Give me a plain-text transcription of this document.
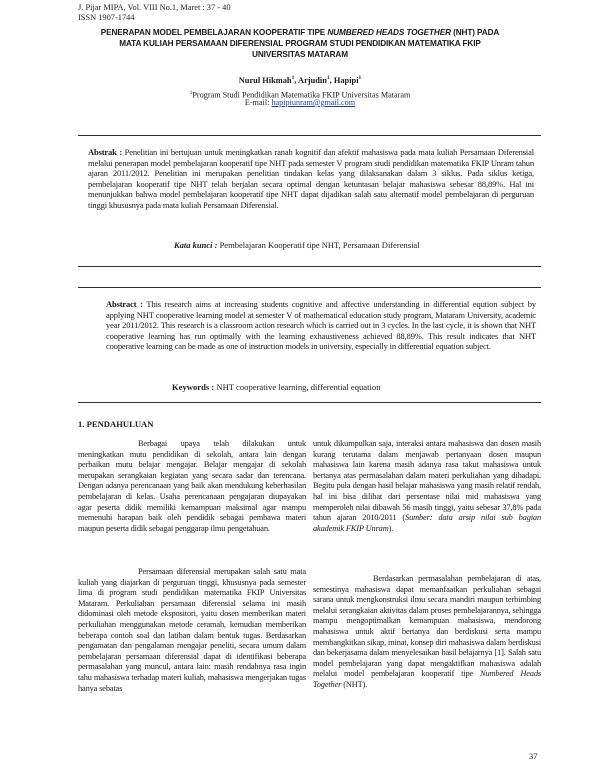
J. Pijar MIPA, Vol. VIII No.1, Maret : 37 - 40
ISSN 1907-1744
PENERAPAN MODEL PEMBELAJARAN KOOPERATIF TIPE NUMBERED HEADS TOGETHER (NHT) PADA MATA KULIAH PERSAMAAN DIFERENSIAL PROGRAM STUDI PENDIDIKAN MATEMATIKA FKIP UNIVERSITAS MATARAM
Nurul Hikmah$^1$, Arjudin$^1$, Hapipi$^1$
$^1$Program Studi Pendidikan Matematika FKIP Universitas Mataram
E-mail: hapipiunram@gmail.com
Abstrak : Penelitian ini bertujuan untuk meningkatkan ranah kognitif dan afektif mahasiswa pada mata kuliah Persamaan Diferensial melalui penerapan model pembelajaran kooperatif tipe NHT pada semester V program studi pendidikan matematika FKIP Unram tahun ajaran 2011/2012. Penelitian ini merupakan penelitian tindakan kelas yang dilaksanakan dalam 3 siklus. Pada siklus ketiga, pembelajaran kooperatif tipe NHT telah berjalan secara optimal dengan ketuntasan belajar mahasiswa sebesar 88,89%. Hal ini menunjukkan bahwa model pembelajaran kooperatif tipe NHT dapat dijadikan salah satu alternatif model pembelajaran di perguruan tinggi khususnya pada mata kuliah Persamaan Diferensial.
Kata kunci : Pembelajaran Kooperatif tipe NHT, Persamaan Diferensial
Abstract : This research aims at increasing students cognitive and affective understanding in differential eqution subject by applying NHT cooperative learning model at semester V of mathematical education study program, Mataram University, academic year 2011/2012. This research is a classroom action research which is carried out in 3 cycles. In the last cycle, it is shown that NHT cooperative learning has run optimally with the learning exhaustiveness achieved 88,89%. This result indicates that NHT cooperative learning can be made as one of instruction models in university, especially in differential equation subject.
Keywords : NHT cooperative learning, differential equation
1. PENDAHULUAN

Berbagai upaya telah dilakukan untuk meningkatkan mutu pendidikan di sekolah, antara lain dengan perbaikan mutu belajar mengajar. Belajar mengajar di sekolah merupakan serangkaian kegiatan yang secara sadar dan terencana. Dengan adanya perencanaan yang baik akan mendukung keberhasilan pembelajaran di kelas. Usaha perencanaan pengajaran diupayakan agar peserta didik memiliki kemampuan maksimal agar mampu memenuhi harapan baik oleh pendidik sebagai pembawa materi maupun peserta didik sebagai penggarap ilmu pengetahuan.

Persamaan diferensial merupakan salah satu mata kuliah yang diajarkan di perguruan tinggi, khususnya pada semester lima di program studi pendidikan matematika FKIP Universitas Mataram. Perkuliahan persamaan diferensial selama ini masih didominasi oleh metode ekspositori, yaitu dosen memberikan materi perkuliahan menggunakan metode ceramah, kemudian memberikan beberapa contoh soal dan latihan dalam bentuk tugas. Berdasarkan pengamatan dan pengalaman mengajar peneliti, secara umum dalam pembelajaran persamaan diferensial dapat di identifikasi beberapa permasalahan yang muncul, antara lain: masih rendahnya rasa ingin tahu mahasiswa terhadap materi kuliah, mahasiswa mengerjakan tugas hanya sebatas

untuk dikumpulkan saja, interaksi antara mahasiswa dan dosen masih kurang terutama dalam menjawab pertanyaan dosen maupun mahasiswa lain karena masih adanya rasa takut mahasiswa untuk bertanya atas permasalahan dalam materi perkuliahan yang dihadapi. Begitu pula dengan hasil belajar mahasiswa yang masih relatif rendah, hal ini bisa dilihat dari persentase nilai mid mahasiswa yang memperoleh nilai dibawah 56 masih tinggi, yaitu sebesar 37,8% pada tahun ajaran 2010/2011 (Sumber: data arsip nilai sub bagian akademik FKIP Unram).

Berdasarkan permasalahan pembelajaran di atas, semestinya mahasiswa dapat memanfaatkan perkuliahan sebagai sarana untuk mengkonstruksi ilmu secara mandiri maupun terbimbing melalui serangkaian aktivitas dalam proses pembelajarannya, sehingga mampu mengoptimalkan kemampuan mahasiswa, mendorong mahasiswa untuk aktif bertanya dan berdiskusi serta mampu membangkitkan sikap, minat, konsep diri mahasiswa dalam berdiskusi dan bekerjasama dalam menyelesaikan hasil belajarnya [1]. Salah satu model pembelajaran yang dapat mengaktifkan mahasiswa adalah melalui model pembelajaran kooperatif tipe Numbered Heads Together (NHT).

37
